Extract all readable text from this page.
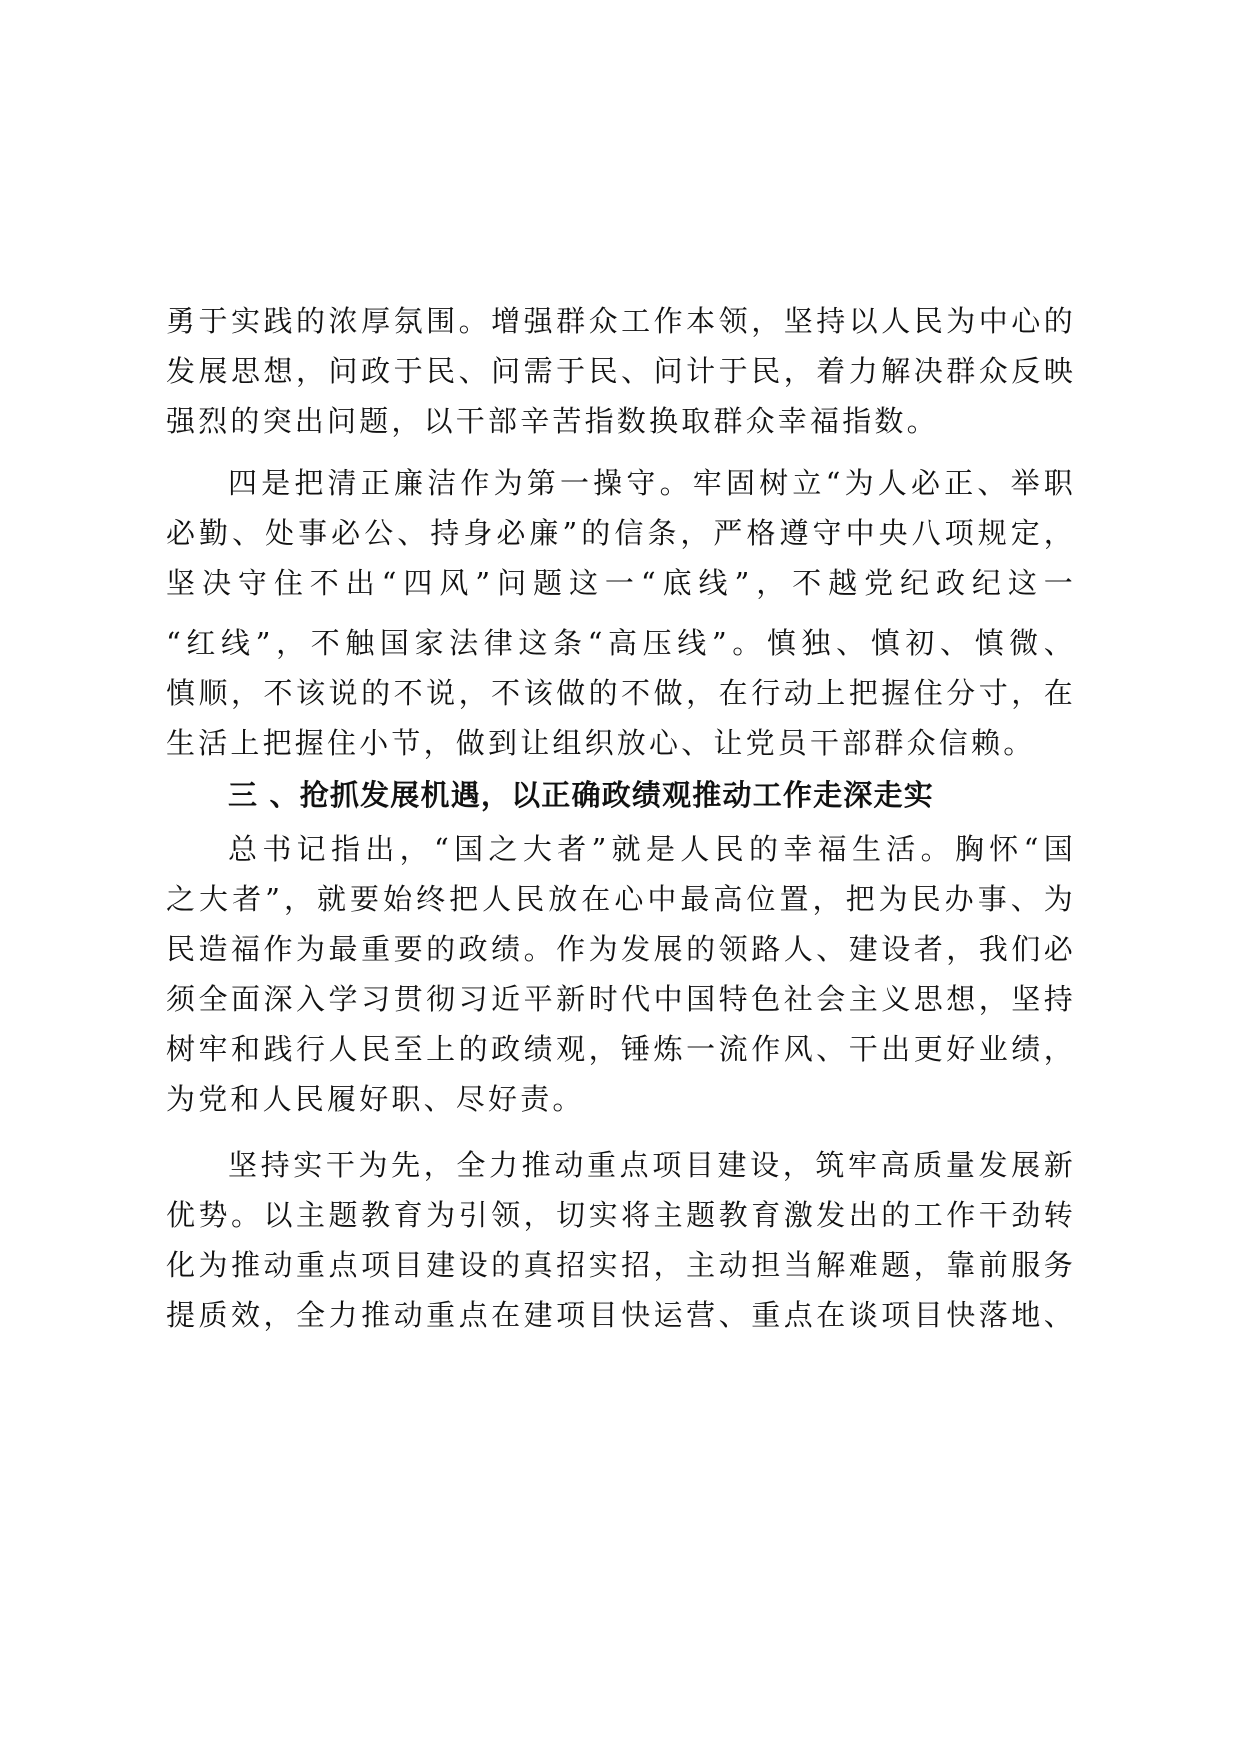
勇于实践的浓厚氛围。增强群众工作本领，坚持以人民为中心的
发展思想，问政于民、问需于民、问计于民，着力解决群众反映
强烈的突出问题，以干部辛苦指数换取群众幸福指数。
四是把清正廉洁作为第一操守。牢固树立“为人必正、举职
必勤、处事必公、持身必廉”的信条，严格遵守中央八项规定，
坚决守住不出“四风”问题这一“底线”，不越党纪政纪这一
“红线”，不触国家法律这条“高压线”。慎独、慎初、慎微、
慎顺，不该说的不说，不该做的不做，在行动上把握住分寸，在
生活上把握住小节，做到让组织放心、让党员干部群众信赖。
三 、抢抓发展机遇，以正确政绩观推动工作走深走实
总书记指出，“国之大者”就是人民的幸福生活。胸怀“国
之大者”，就要始终把人民放在心中最高位置，把为民办事、为
民造福作为最重要的政绩。作为发展的领路人、建设者，我们必
须全面深入学习贯彻习近平新时代中国特色社会主义思想，坚持
树牢和践行人民至上的政绩观，锤炼一流作风、干出更好业绩，
为党和人民履好职、尽好责。
坚持实干为先，全力推动重点项目建设，筑牢高质量发展新
优势。以主题教育为引领，切实将主题教育激发出的工作干劲转
化为推动重点项目建设的真招实招，主动担当解难题，靠前服务
提质效，全力推动重点在建项目快运营、重点在谈项目快落地、
